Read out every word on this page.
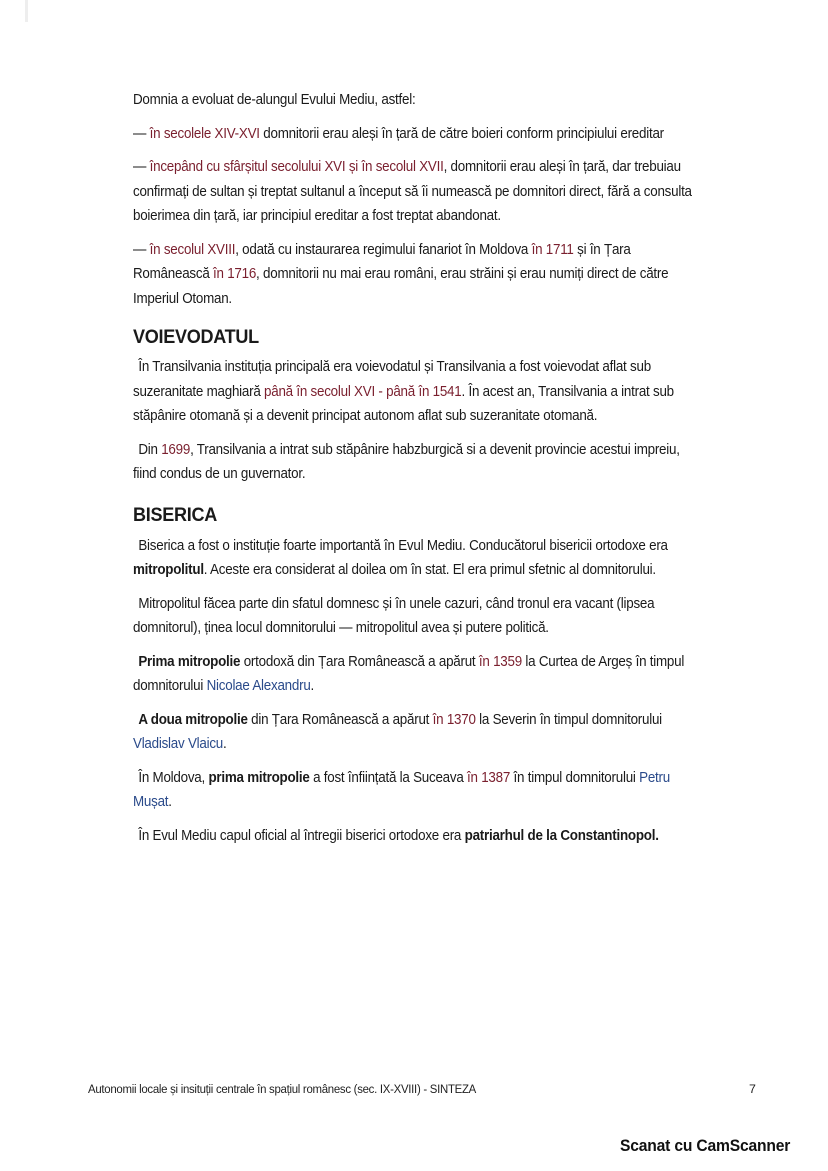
Domnia a evoluat de-alungul Evului Mediu, astfel:

— în secolele XIV-XVI domnitorii erau aleși în țară de către boieri conform principiului ereditar

— începând cu sfârșitul secolului XVI și în secolul XVII, domnitorii erau aleși în țară, dar trebuiau confirmați de sultan și treptat sultanul a început să îi numească pe domnitori direct, fără a consulta boierimea din țară, iar principiul ereditar a fost treptat abandonat.

— în secolul XVIII, odată cu instaurarea regimului fanariot în Moldova în 1711 și în Țara Românească în 1716, domnitorii nu mai erau români, erau străini și erau numiți direct de către Imperiul Otoman.

VOIEVODATUL

În Transilvania instituția principală era voievodatul și Transilvania a fost voievodat aflat sub suzeranitate maghiară până în secolul XVI - până în 1541. În acest an, Transilvania a intrat sub stăpânire otomană și a devenit principat autonom aflat sub suzeranitate otomană.

Din 1699, Transilvania a intrat sub stăpânire habzburgică si a devenit provincie acestui impreiu, fiind condus de un guvernator.

BISERICA

Biserica a fost o instituție foarte importantă în Evul Mediu. Conducătorul bisericii ortodoxe era mitropolitul. Aceste era considerat al doilea om în stat. El era primul sfetnic al domnitorului.

Mitropolitul făcea parte din sfatul domnesc și în unele cazuri, când tronul era vacant (lipsea domnitorul), ținea locul domnitorului — mitropolitul avea și putere politică.

Prima mitropolie ortodoxă din Țara Românească a apărut în 1359 la Curtea de Argeș în timpul domnitorului Nicolae Alexandru.

A doua mitropolie din Țara Românească a apărut în 1370 la Severin în timpul domnitorului Vladislav Vlaicu.

În Moldova, prima mitropolie a fost înființată la Suceava în 1387 în timpul domnitorului Petru Mușat.

În Evul Mediu capul oficial al întregii biserici ortodoxe era patriarhul de la Constantinopol.

Autonomii locale și insituții centrale în spațiul românesc (sec. IX-XVIII) - SINTEZA	7
Scanat cu CamScanner
